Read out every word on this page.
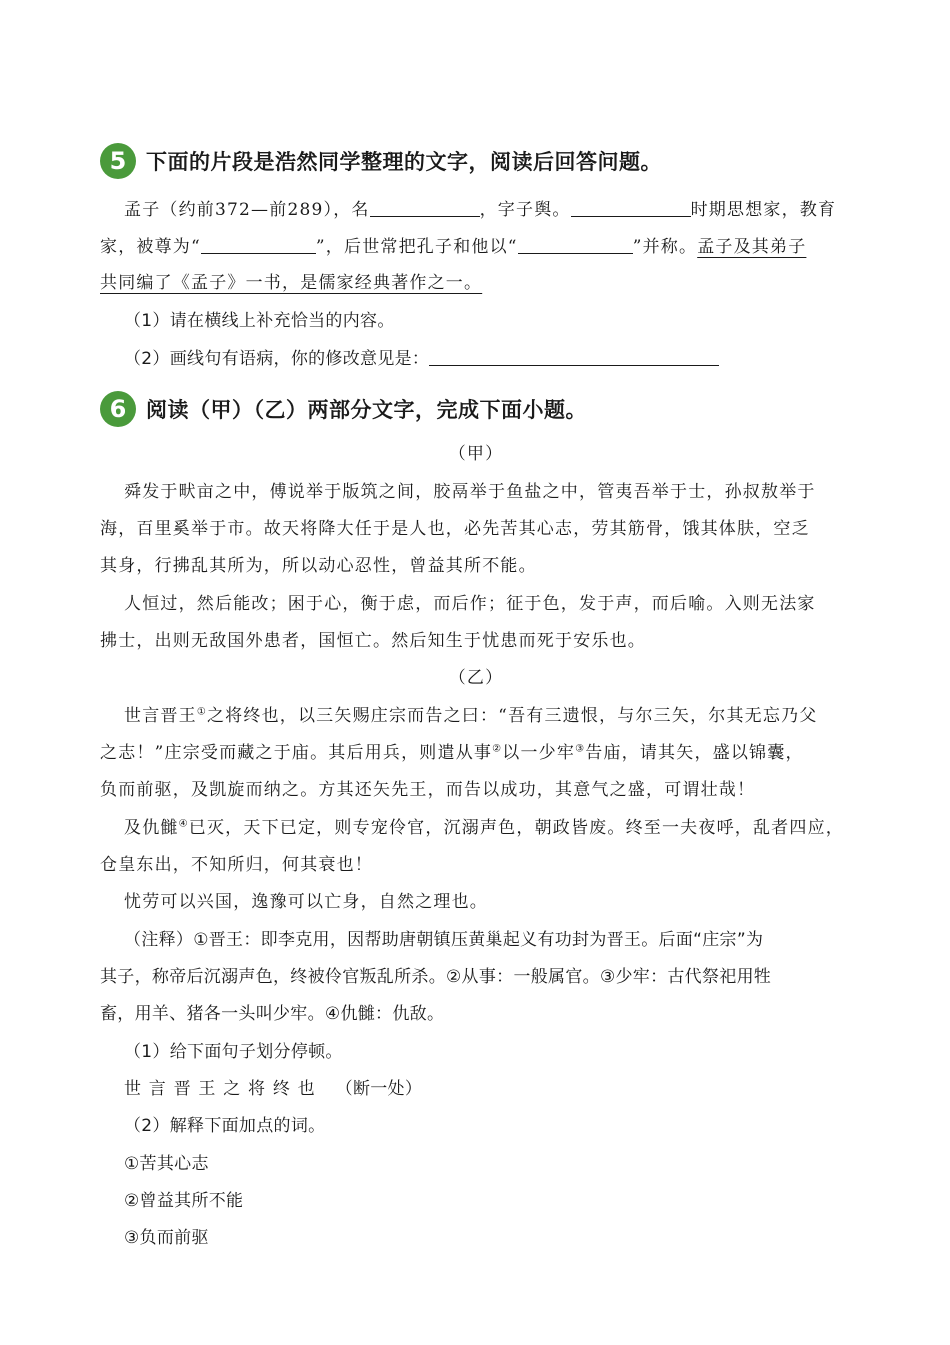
5 下面的片段是浩然同学整理的文字，阅读后回答问题。
孟子（约前372—前289），名	，字子舆。	时期思想家，教育
家，被尊为“	”，后世常把孔子和他以“	”并称。孟子及其弟子
共同编了《孟子》一书，是儒家经典著作之一。
（1）请在横线上补充恰当的内容。
（2）画线句有语病，你的修改意见是：
6 阅读（甲）（乙）两部分文字，完成下面小题。
（甲）
舜发于畎亩之中，傅说举于版筑之间，胶鬲举于鱼盐之中，管夷吾举于士，孙叔敖举于
海，百里奚举于市。故天将降大任于是人也，必先苦其心志，劳其筋骨，饿其体肤，空乏
其身，行拂乱其所为，所以动心忍性，曾益其所不能。
人恒过，然后能改；困于心，衡于虑，而后作；征于色，发于声，而后喻。入则无法家
拂士，出则无敌国外患者，国恒亡。然后知生于忧患而死于安乐也。
（乙）
世言晋王①之将终也，以三矢赐庄宗而告之曰：“吾有三遗恨，与尔三矢，尔其无忘乃父
之志！”庄宗受而藏之于庙。其后用兵，则遣从事②以一少牢③告庙，请其矢，盛以锦囊，
负而前驱，及凯旋而纳之。方其还矢先王，而告以成功，其意气之盛，可谓壮哉！
及仇雠④已灭，天下已定，则专宠伶官，沉溺声色，朝政皆废。终至一夫夜呼，乱者四应，
仓皇东出，不知所归，何其衰也！
忧劳可以兴国，逸豫可以亡身，自然之理也。
（注释）①晋王：即李克用，因帮助唐朝镇压黄巢起义有功封为晋王。后面“庄宗”为
其子，称帝后沉溺声色，终被伶官叛乱所杀。②从事：一般属官。③少牢：古代祭祀用牲
畜，用羊、猪各一头叫少牢。④仇雠：仇敌。
（1）给下面句子划分停顿。
世 言 晋 王 之 将 终 也 （断一处）
（2）解释下面加点的词。
①苦其心志
②曾益其所不能
③负而前驱
